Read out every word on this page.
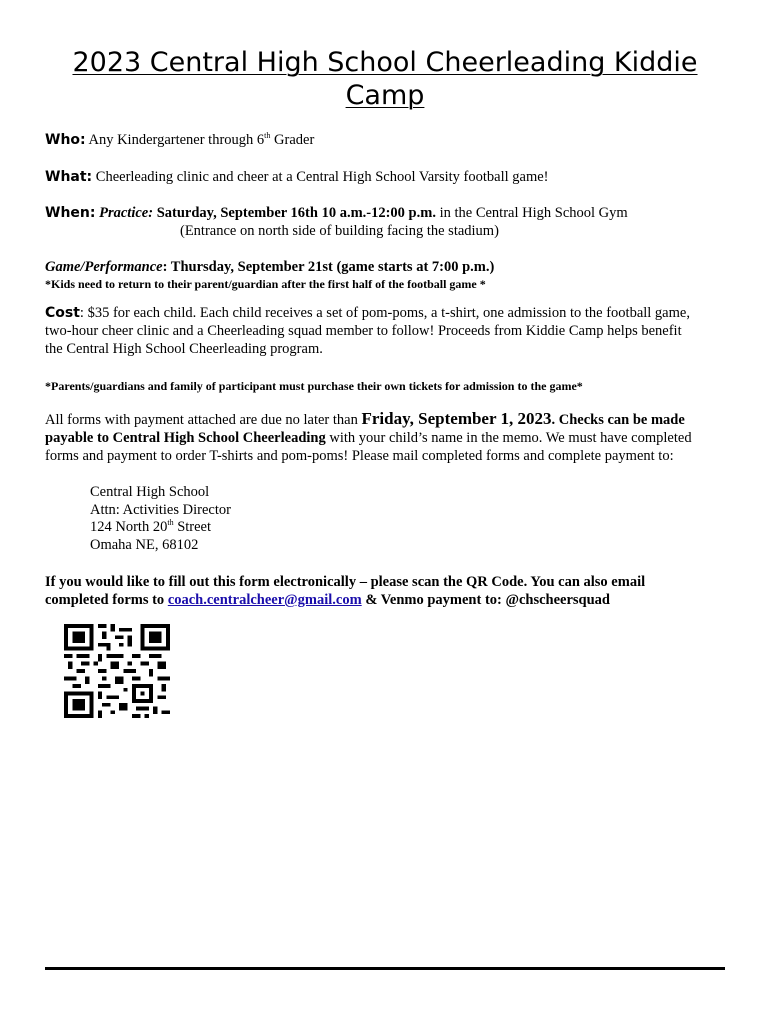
2023 Central High School Cheerleading Kiddie Camp
Who: Any Kindergartener through 6th Grader
What: Cheerleading clinic and cheer at a Central High School Varsity football game!
When: Practice: Saturday, September 16th 10 a.m.-12:00 p.m. in the Central High School Gym
(Entrance on north side of building facing the stadium)
Game/Performance: Thursday, September 21st (game starts at 7:00 p.m.)
*Kids need to return to their parent/guardian after the first half of the football game *
Cost: $35 for each child. Each child receives a set of pom-poms, a t-shirt, one admission to the football game,
two-hour cheer clinic and a Cheerleading squad member to follow! Proceeds from Kiddie Camp helps benefit
the Central High School Cheerleading program.
*Parents/guardians and family of participant must purchase their own tickets for admission to the game*
All forms with payment attached are due no later than Friday, September 1, 2023. Checks can be made
payable to Central High School Cheerleading with your child’s name in the memo. We must have completed
forms and payment to order T-shirts and pom-poms! Please mail completed forms and complete payment to:
Central High School
Attn: Activities Director
124 North 20th Street
Omaha NE, 68102
If you would like to fill out this form electronically – please scan the QR Code. You can also email
completed forms to coach.centralcheer@gmail.com & Venmo payment to: @chscheersquad
